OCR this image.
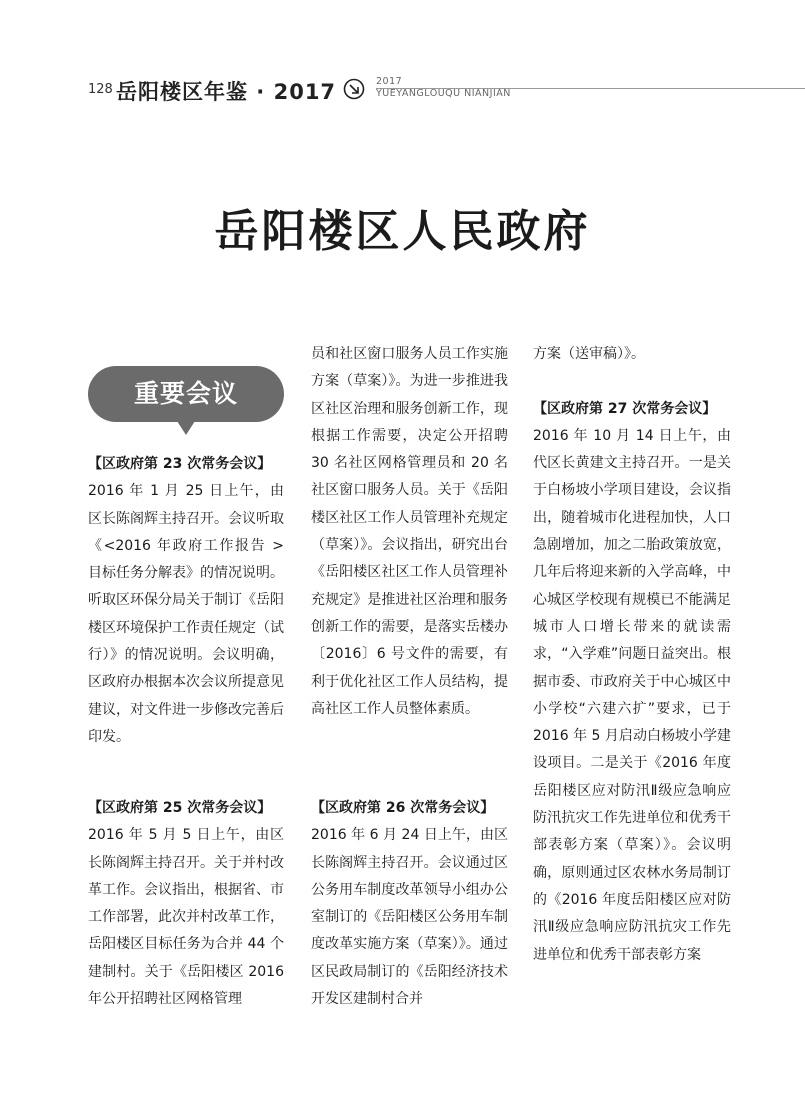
128 岳阳楼区年鉴 · 2017	2017
YUEYANGLOUQU NIANJIAN
岳阳楼区人民政府
重要会议

【区政府第 23 次常务会议】

2016 年 1 月 25 日上午，由区长陈阁辉主持召开。会议听取《<2016 年政府工作报告 > 目标任务分解表》的情况说明。听取区环保分局关于制订《岳阳楼区环境保护工作责任规定（试行）》的情况说明。会议明确，区政府办根据本次会议所提意见建议，对文件进一步修改完善后印发。

【区政府第 25 次常务会议】

2016 年 5 月 5 日上午，由区长陈阁辉主持召开。关于并村改革工作。会议指出，根据省、市工作部署，此次并村改革工作，岳阳楼区目标任务为合并 44 个建制村。关于《岳阳楼区 2016 年公开招聘社区网格管理

员和社区窗口服务人员工作实施方案（草案）》。为进一步推进我区社区治理和服务创新工作，现根据工作需要，决定公开招聘 30 名社区网格管理员和 20 名社区窗口服务人员。关于《岳阳楼区社区工作人员管理补充规定（草案）》。会议指出，研究出台《岳阳楼区社区工作人员管理补充规定》是推进社区治理和服务创新工作的需要，是落实岳楼办〔2016〕6 号文件的需要，有利于优化社区工作人员结构，提高社区工作人员整体素质。

【区政府第 26 次常务会议】

2016 年 6 月 24 日上午，由区长陈阁辉主持召开。会议通过区公务用车制度改革领导小组办公室制订的《岳阳楼区公务用车制度改革实施方案（草案）》。通过区民政局制订的《岳阳经济技术开发区建制村合并

方案（送审稿）》。

【区政府第 27 次常务会议】

2016 年 10 月 14 日上午，由代区长黄建文主持召开。一是关于白杨坡小学项目建设，会议指出，随着城市化进程加快，人口急剧增加，加之二胎政策放宽，几年后将迎来新的入学高峰，中心城区学校现有规模已不能满足城市人口增长带来的就读需求，“入学难”问题日益突出。根据市委、市政府关于中心城区中小学校“六建六扩”要求，已于 2016 年 5 月启动白杨坡小学建设项目。二是关于《2016 年度岳阳楼区应对防汛Ⅱ级应急响应防汛抗灾工作先进单位和优秀干部表彰方案（草案）》。会议明确，原则通过区农林水务局制订的《2016 年度岳阳楼区应对防汛Ⅱ级应急响应防汛抗灾工作先进单位和优秀干部表彰方案
